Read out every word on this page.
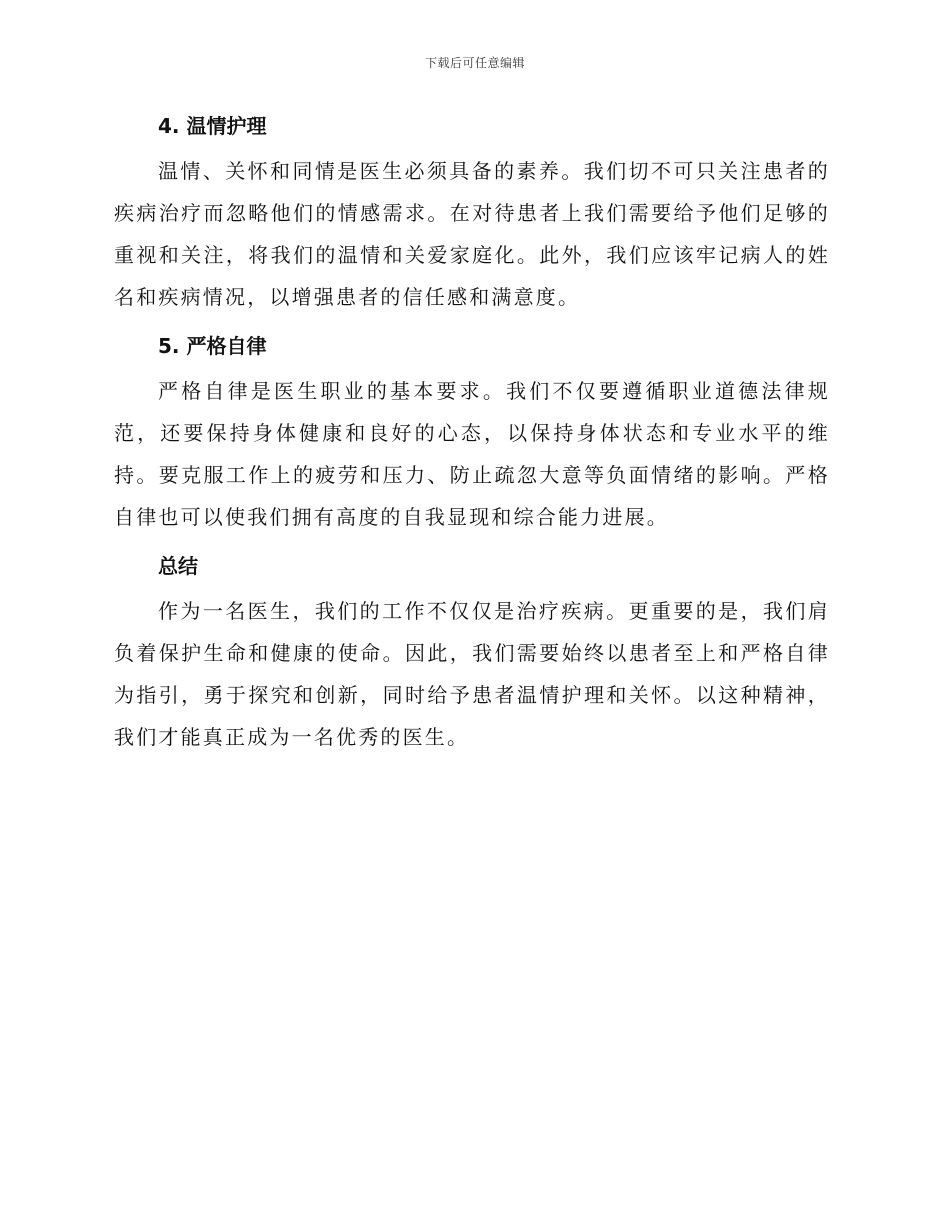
下载后可任意编辑
4. 温情护理

温情、关怀和同情是医生必须具备的素养。我们切不可只关注患者的疾病治疗而忽略他们的情感需求。在对待患者上我们需要给予他们足够的重视和关注，将我们的温情和关爱家庭化。此外，我们应该牢记病人的姓名和疾病情况，以增强患者的信任感和满意度。

5. 严格自律

严格自律是医生职业的基本要求。我们不仅要遵循职业道德法律规范，还要保持身体健康和良好的心态，以保持身体状态和专业水平的维持。要克服工作上的疲劳和压力、防止疏忽大意等负面情绪的影响。严格自律也可以使我们拥有高度的自我显现和综合能力进展。

总结

作为一名医生，我们的工作不仅仅是治疗疾病。更重要的是，我们肩负着保护生命和健康的使命。因此，我们需要始终以患者至上和严格自律为指引，勇于探究和创新，同时给予患者温情护理和关怀。以这种精神，我们才能真正成为一名优秀的医生。
